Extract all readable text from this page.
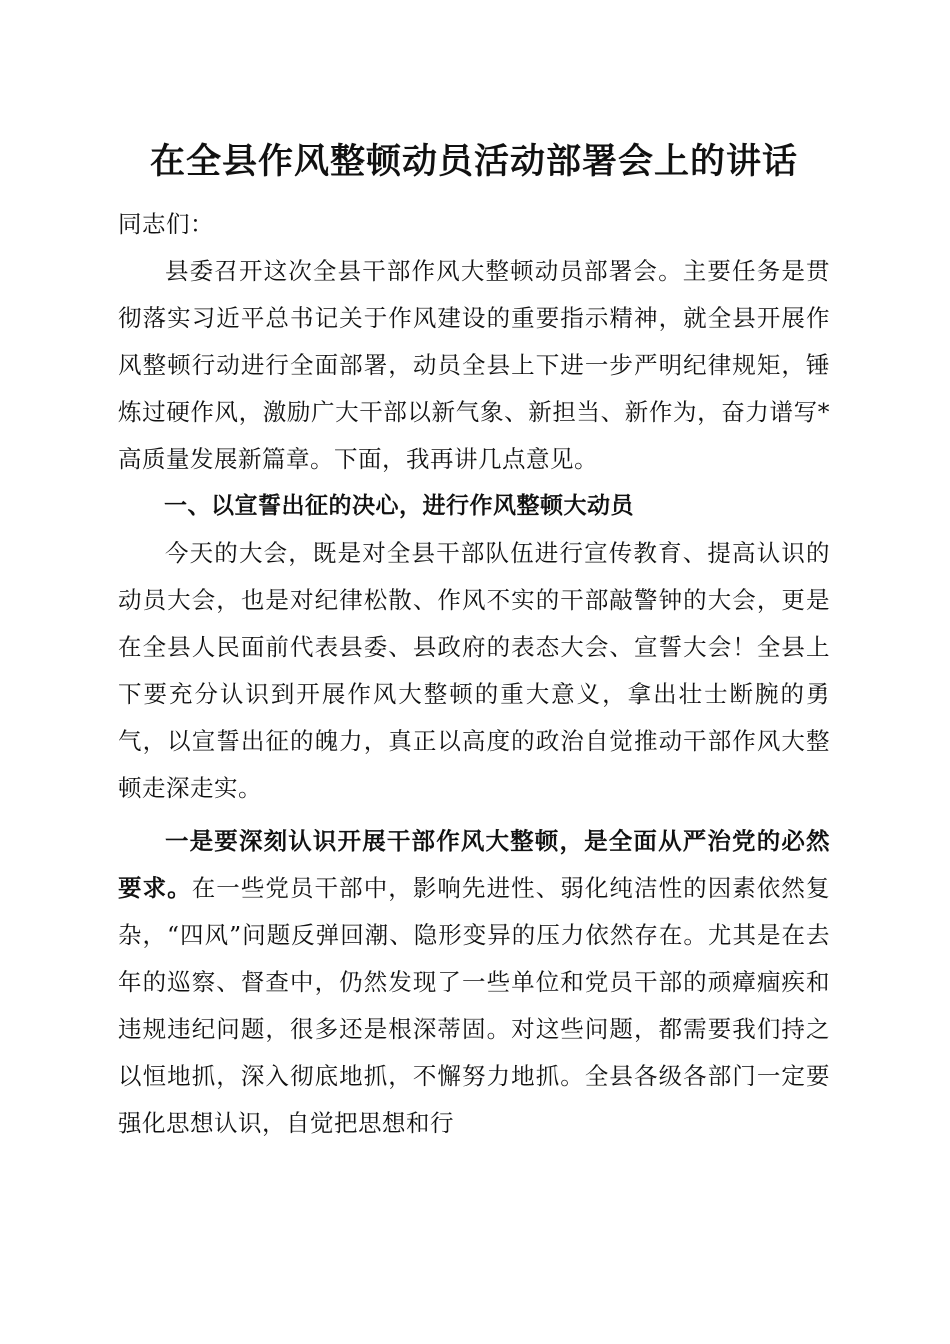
在全县作风整顿动员活动部署会上的讲话

同志们：

县委召开这次全县干部作风大整顿动员部署会。主要任务是贯彻落实习近平总书记关于作风建设的重要指示精神，就全县开展作风整顿行动进行全面部署，动员全县上下进一步严明纪律规矩，锤炼过硬作风，激励广大干部以新气象、新担当、新作为，奋力谱写*高质量发展新篇章。下面，我再讲几点意见。

一、以宣誓出征的决心，进行作风整顿大动员

今天的大会，既是对全县干部队伍进行宣传教育、提高认识的动员大会，也是对纪律松散、作风不实的干部敲警钟的大会，更是在全县人民面前代表县委、县政府的表态大会、宣誓大会！全县上下要充分认识到开展作风大整顿的重大意义，拿出壮士断腕的勇气，以宣誓出征的魄力，真正以高度的政治自觉推动干部作风大整顿走深走实。

一是要深刻认识开展干部作风大整顿，是全面从严治党的必然要求。在一些党员干部中，影响先进性、弱化纯洁性的因素依然复杂，“四风”问题反弹回潮、隐形变异的压力依然存在。尤其是在去年的巡察、督查中，仍然发现了一些单位和党员干部的顽瘴痼疾和违规违纪问题，很多还是根深蒂固。对这些问题，都需要我们持之以恒地抓，深入彻底地抓，不懈努力地抓。全县各级各部门一定要强化思想认识，自觉把思想和行
